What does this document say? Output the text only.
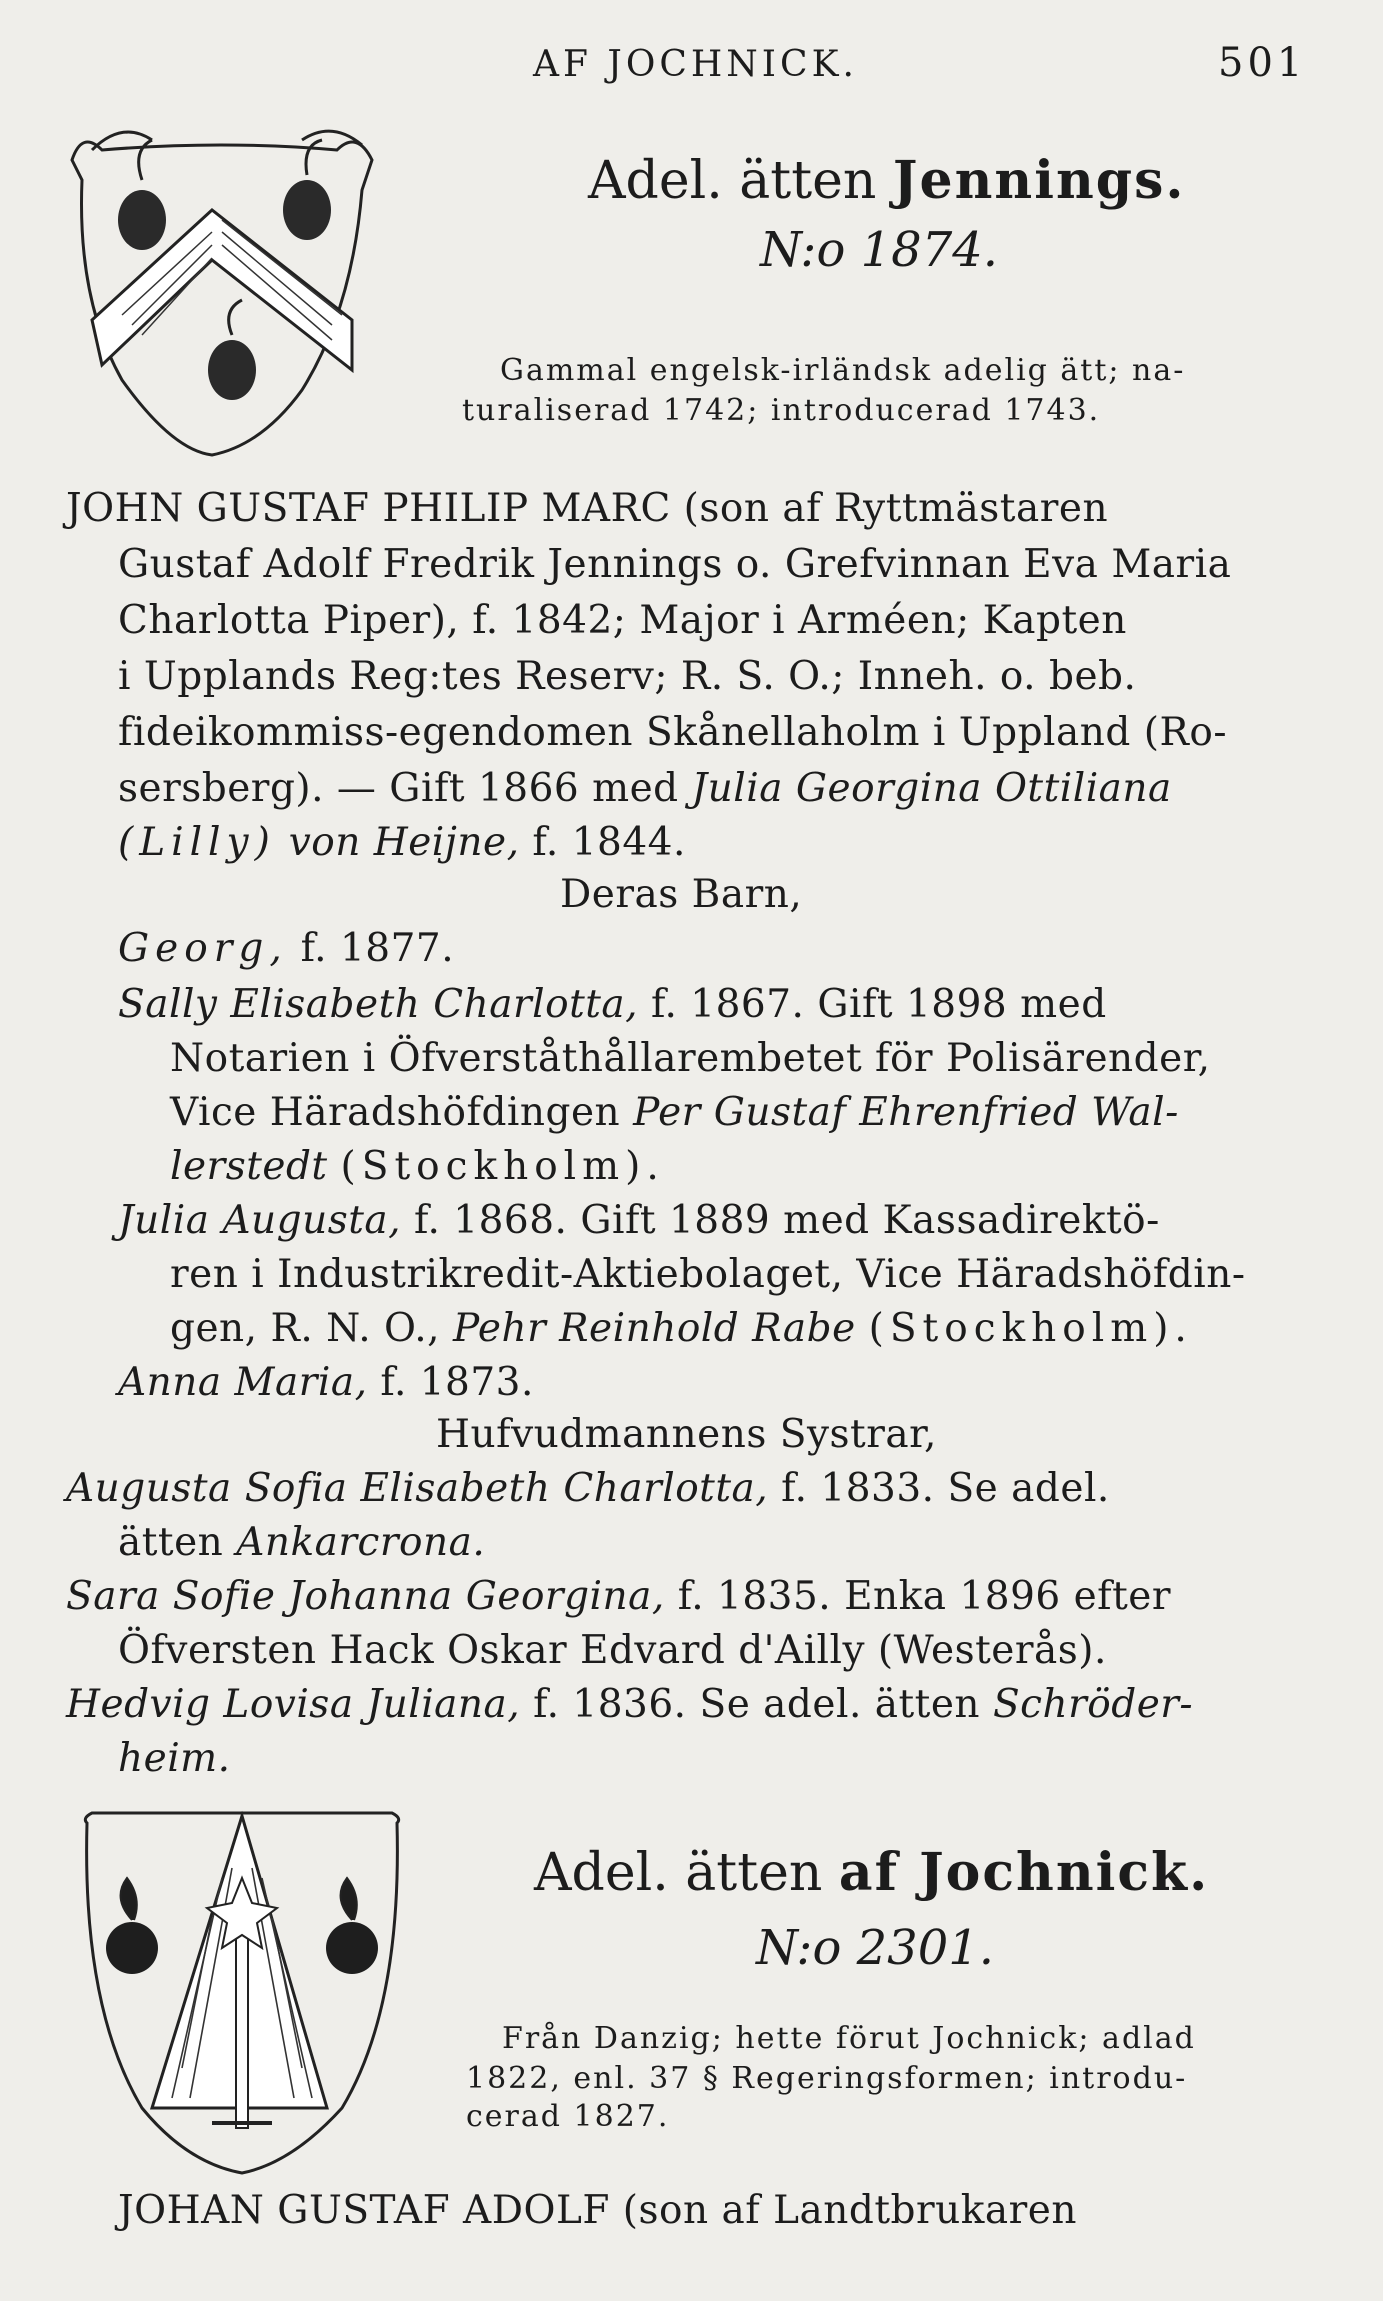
AF JOCHNICK.	501
Adel. ätten Jennings.
N:o 1874.
Gammal engelsk-irländsk adelig ätt; na-
turaliserad 1742; introducerad 1743.
JOHN GUSTAF PHILIP MARC (son af Ryttmästaren
Gustaf Adolf Fredrik Jennings o. Grefvinnan Eva Maria
Charlotta Piper), f. 1842; Major i Arméen; Kapten
i Upplands Reg:tes Reserv; R. S. O.; Inneh. o. beb.
fideikommiss-egendomen Skånellaholm i Uppland (Ro-
sersberg). — Gift 1866 med Julia Georgina Ottiliana
(Lilly) von Heijne, f. 1844.
Deras Barn,
Georg, f. 1877.
Sally Elisabeth Charlotta, f. 1867. Gift 1898 med
Notarien i Öfverståthållarembetet för Polisärender,
Vice Häradshöfdingen Per Gustaf Ehrenfried Wal-
lerstedt (Stockholm).
Julia Augusta, f. 1868. Gift 1889 med Kassadirektö-
ren i Industrikredit-Aktiebolaget, Vice Häradshöfdin-
gen, R. N. O., Pehr Reinhold Rabe (Stockholm).
Anna Maria, f. 1873.
Hufvudmannens Systrar,
Augusta Sofia Elisabeth Charlotta, f. 1833. Se adel.
ätten Ankarcrona.
Sara Sofie Johanna Georgina, f. 1835. Enka 1896 efter
Öfversten Hack Oskar Edvard d'Ailly (Westerås).
Hedvig Lovisa Juliana, f. 1836. Se adel. ätten Schröder-
heim.
Adel. ätten af Jochnick.
N:o 2301.
Från Danzig; hette förut Jochnick; adlad
1822, enl. 37 § Regeringsformen; introdu-
cerad 1827.
JOHAN GUSTAF ADOLF (son af Landtbrukaren
